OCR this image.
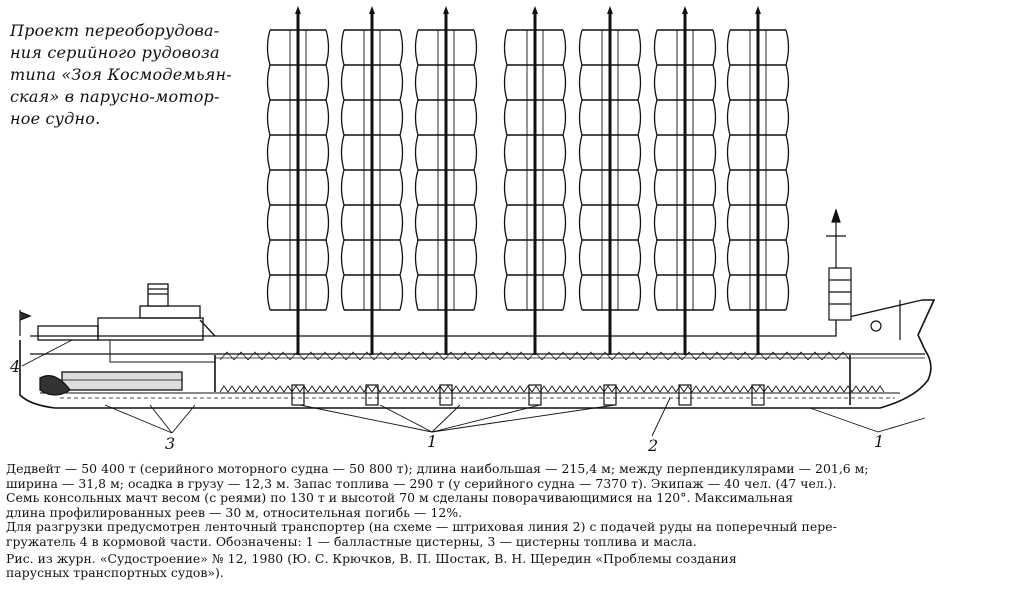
Проект переоборудова-
ния серийного рудовоза
типа «Зоя Космодемьян-
ская» в парусно-мотор-
ное судно.
4
3	1	2	1

Дедвейт — 50 400 т (серийного моторного судна — 50 800 т); длина наибольшая — 215,4 м; между перпендикулярами — 201,6 м;

ширина — 31,8 м; осадка в грузу — 12,3 м. Запас топлива — 290 т (у серийного судна — 7370 т). Экипаж — 40 чел. (47 чел.).

Семь консольных мачт весом (с реями) по 130 т и высотой 70 м сделаны поворачивающимися на 120°. Максимальная

длина профилированных реев — 30 м, относительная погибь — 12%.

Для разгрузки предусмотрен ленточный транспортер (на схеме — штриховая линия 2) с подачей руды на поперечный пере-

гружатель 4 в кормовой части. Обозначены: 1 — балластные цистерны, 3 — цистерны топлива и масла.

Рис. из журн. «Судостроение» № 12, 1980 (Ю. С. Крючков, В. П. Шостак, В. Н. Щередин «Проблемы создания

парусных транспортных судов»).
